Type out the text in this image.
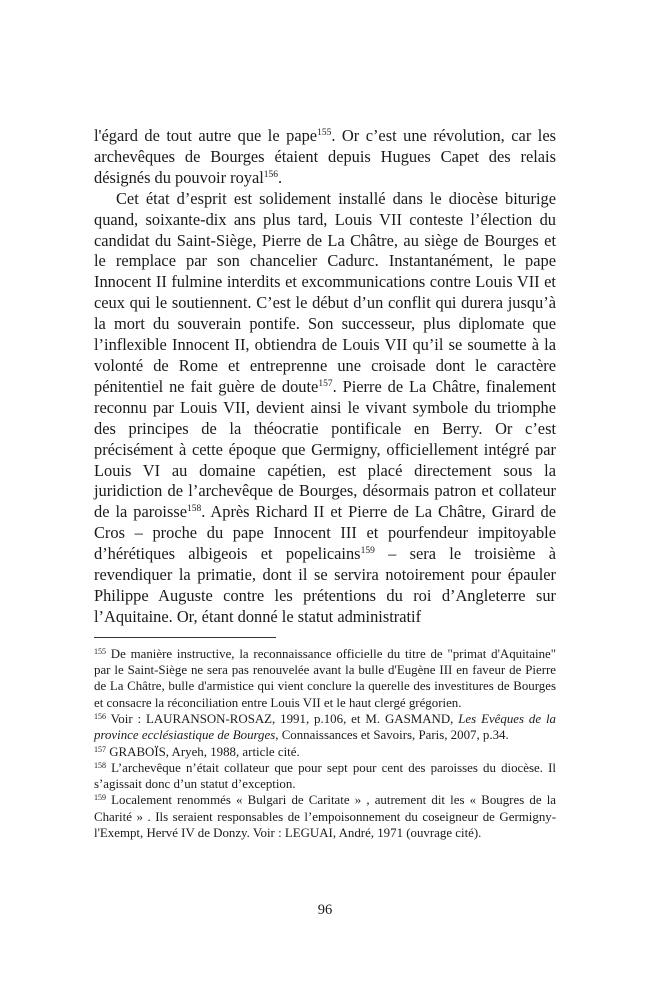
l'égard de tout autre que le pape$^{155}$. Or c’est une révolution, car les archevêques de Bourges étaient depuis Hugues Capet des relais désignés du pouvoir royal$^{156}$.

Cet état d’esprit est solidement installé dans le diocèse biturige quand, soixante-dix ans plus tard, Louis VII conteste l’élection du candidat du Saint-Siège, Pierre de La Châtre, au siège de Bourges et le remplace par son chancelier Cadurc. Instantanément, le pape Innocent II fulmine interdits et excommunications contre Louis VII et ceux qui le soutiennent. C’est le début d’un conflit qui durera jusqu’à la mort du souverain pontife. Son successeur, plus diplomate que l’inflexible Innocent II, obtiendra de Louis VII qu’il se soumette à la volonté de Rome et entreprenne une croisade dont le caractère pénitentiel ne fait guère de doute$^{157}$. Pierre de La Châtre, finalement reconnu par Louis VII, devient ainsi le vivant symbole du triomphe des principes de la théocratie pontificale en Berry. Or c’est précisément à cette époque que Germigny, officiellement intégré par Louis VI au domaine capétien, est placé directement sous la juridiction de l’archevêque de Bourges, désormais patron et collateur de la paroisse$^{158}$. Après Richard II et Pierre de La Châtre, Girard de Cros – proche du pape Innocent III et pourfendeur impitoyable d’hérétiques albigeois et popelicains$^{159}$ – sera le troisième à revendiquer la primatie, dont il se servira notoirement pour épauler Philippe Auguste contre les prétentions du roi d’Angleterre sur l’Aquitaine. Or, étant donné le statut administratif

$^{155}$ De manière instructive, la reconnaissance officielle du titre de "primat d'Aquitaine" par le Saint-Siège ne sera pas renouvelée avant la bulle d'Eugène III en faveur de Pierre de La Châtre, bulle d'armistice qui vient conclure la querelle des investitures de Bourges et consacre la réconciliation entre Louis VII et le haut clergé grégorien.

$^{156}$ Voir : LAURANSON-ROSAZ, 1991, p.106, et M. GASMAND, Les Evêques de la province ecclésiastique de Bourges, Connaissances et Savoirs, Paris, 2007, p.34.

$^{157}$ GRABOÏS, Aryeh, 1988, article cité.

$^{158}$ L’archevêque n’était collateur que pour sept pour cent des paroisses du diocèse. Il s’agissait donc d’un statut d’exception.

$^{159}$ Localement renommés « Bulgari de Caritate » , autrement dit les « Bougres de la Charité » . Ils seraient responsables de l’empoisonnement du coseigneur de Germigny-l'Exempt, Hervé IV de Donzy. Voir : LEGUAI, André, 1971 (ouvrage cité).

96
